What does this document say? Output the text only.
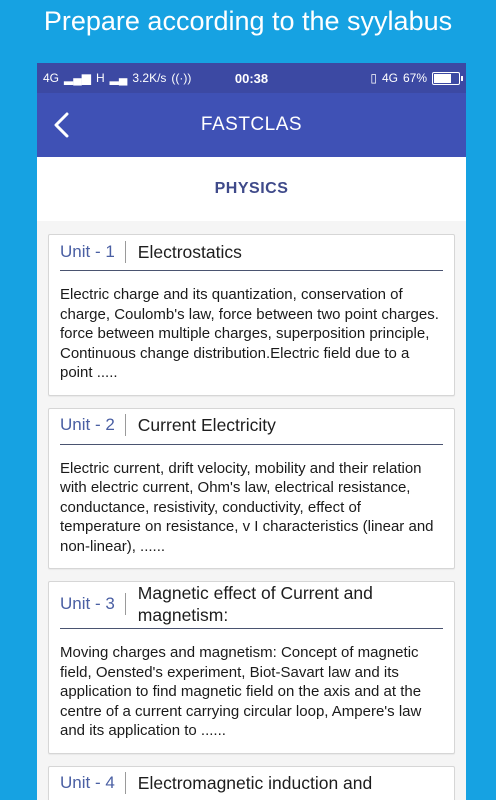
Prepare according to the syylabus
4G ▂▄▆ H ▂▄ 3.2K/s ((·))	00:38	▯ 4G 67%
FASTCLAS
PHYSICS
Unit - 1	Electrostatics
Electric charge and its quantization, conservation of charge, Coulomb's law, force between two point charges. force between multiple charges, superposition principle, Continuous change distribution.Electric field due to a point .....
Unit - 2	Current Electricity
Electric current, drift velocity, mobility and their relation with electric current, Ohm's law, electrical resistance, conductance, resistivity, conductivity, effect of temperature on resistance, v I characteristics (linear and non-linear), ......
Unit - 3
Magnetic effect of Current and magnetism:
Moving charges and magnetism: Concept of magnetic field, Oensted's experiment, Biot-Savart law and its application to find magnetic field on the axis and at the centre of a current carrying circular loop, Ampere's law and its application to ......
Unit - 4	Electromagnetic induction and
